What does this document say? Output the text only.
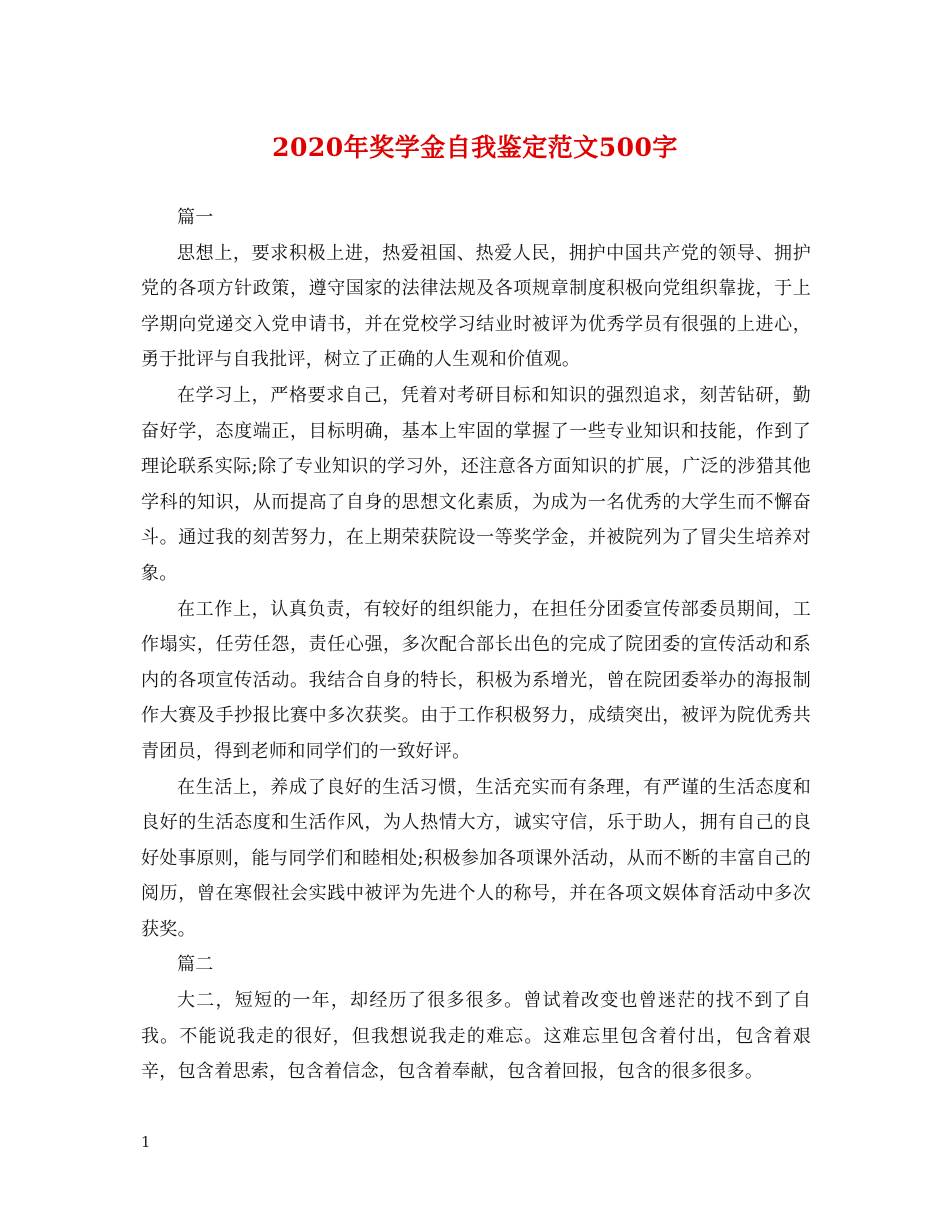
2020年奖学金自我鉴定范文500字

篇一

思想上，要求积极上进，热爱祖国、热爱人民，拥护中国共产党的领导、拥护党的各项方针政策，遵守国家的法律法规及各项规章制度积极向党组织靠拢，于上学期向党递交入党申请书，并在党校学习结业时被评为优秀学员有很强的上进心，勇于批评与自我批评，树立了正确的人生观和价值观。

在学习上，严格要求自己，凭着对考研目标和知识的强烈追求，刻苦钻研，勤奋好学，态度端正，目标明确，基本上牢固的掌握了一些专业知识和技能，作到了理论联系实际;除了专业知识的学习外，还注意各方面知识的扩展，广泛的涉猎其他学科的知识，从而提高了自身的思想文化素质，为成为一名优秀的大学生而不懈奋斗。通过我的刻苦努力，在上期荣获院设一等奖学金，并被院列为了冒尖生培养对象。

在工作上，认真负责，有较好的组织能力，在担任分团委宣传部委员期间，工作塌实，任劳任怨，责任心强，多次配合部长出色的完成了院团委的宣传活动和系内的各项宣传活动。我结合自身的特长，积极为系增光，曾在院团委举办的海报制作大赛及手抄报比赛中多次获奖。由于工作积极努力，成绩突出，被评为院优秀共青团员，得到老师和同学们的一致好评。

在生活上，养成了良好的生活习惯，生活充实而有条理，有严谨的生活态度和良好的生活态度和生活作风，为人热情大方，诚实守信，乐于助人，拥有自己的良好处事原则，能与同学们和睦相处;积极参加各项课外活动，从而不断的丰富自己的阅历，曾在寒假社会实践中被评为先进个人的称号，并在各项文娱体育活动中多次获奖。

篇二

大二，短短的一年，却经历了很多很多。曾试着改变也曾迷茫的找不到了自我。不能说我走的很好，但我想说我走的难忘。这难忘里包含着付出，包含着艰辛，包含着思索，包含着信念，包含着奉献，包含着回报，包含的很多很多。

1
